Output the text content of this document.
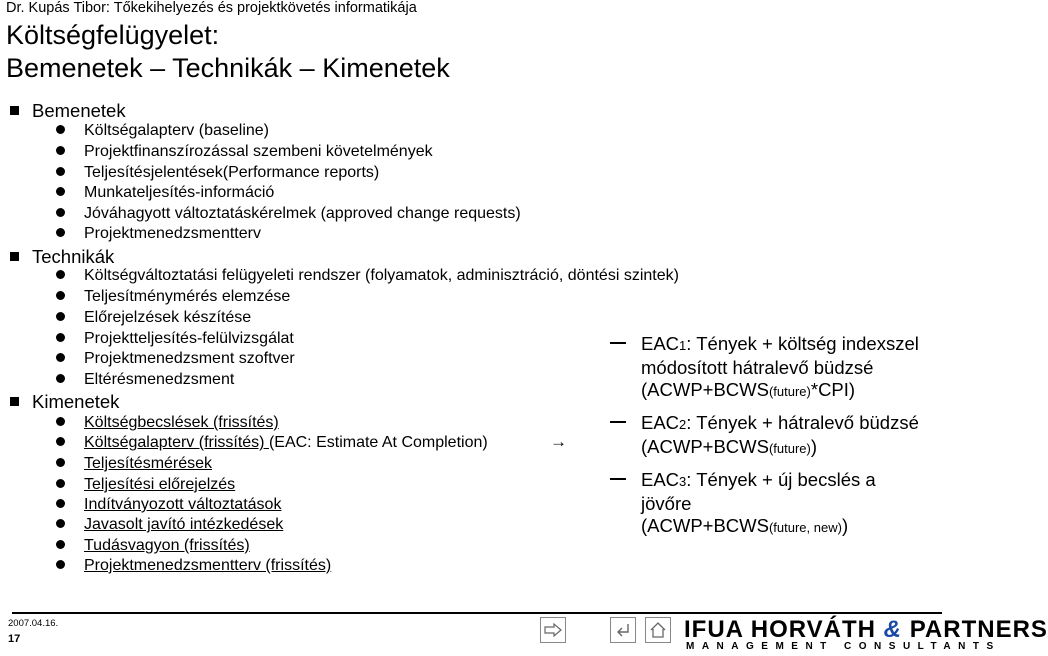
Dr. Kupás Tibor: Tőkekihelyezés és projektkövetés informatikája
Költségfelügyelet:
Bemenetek – Technikák – Kimenetek
Bemenetek
Költségalapterv (baseline)
Projektfinanszírozással szembeni követelmények
Teljesítésjelentések(Performance reports)
Munkateljesítés-információ
Jóváhagyott változtatáskérelmek (approved change requests)
Projektmenedzsmentterv
Technikák
Költségváltoztatási felügyeleti rendszer (folyamatok, adminisztráció, döntési szintek)
Teljesítménymérés elemzése
Előrejelzések készítése
Projektteljesítés-felülvizsgálat
Projektmenedzsment szoftver
Eltérésmenedzsment
Kimenetek
Költségbecslések (frissítés)
Költségalapterv (frissítés) (EAC: Estimate At Completion)
Teljesítésmérések
Teljesítési előrejelzés
Indítványozott változtatások
Javasolt javító intézkedések
Tudásvagyon (frissítés)
Projektmenedzsmentterv (frissítés)
→
EAC1: Tények + költség indexszel
módosított hátralevő büdzsé
(ACWP+BCWS(future)*CPI)
EAC2: Tények + hátralevő büdzsé
(ACWP+BCWS(future))
EAC3: Tények + új becslés a
jövőre
(ACWP+BCWS(future, new))
2007.04.16.
17	IFUA HORVÁTH & PARTNERS
MANAGEMENT CONSULTANTS
